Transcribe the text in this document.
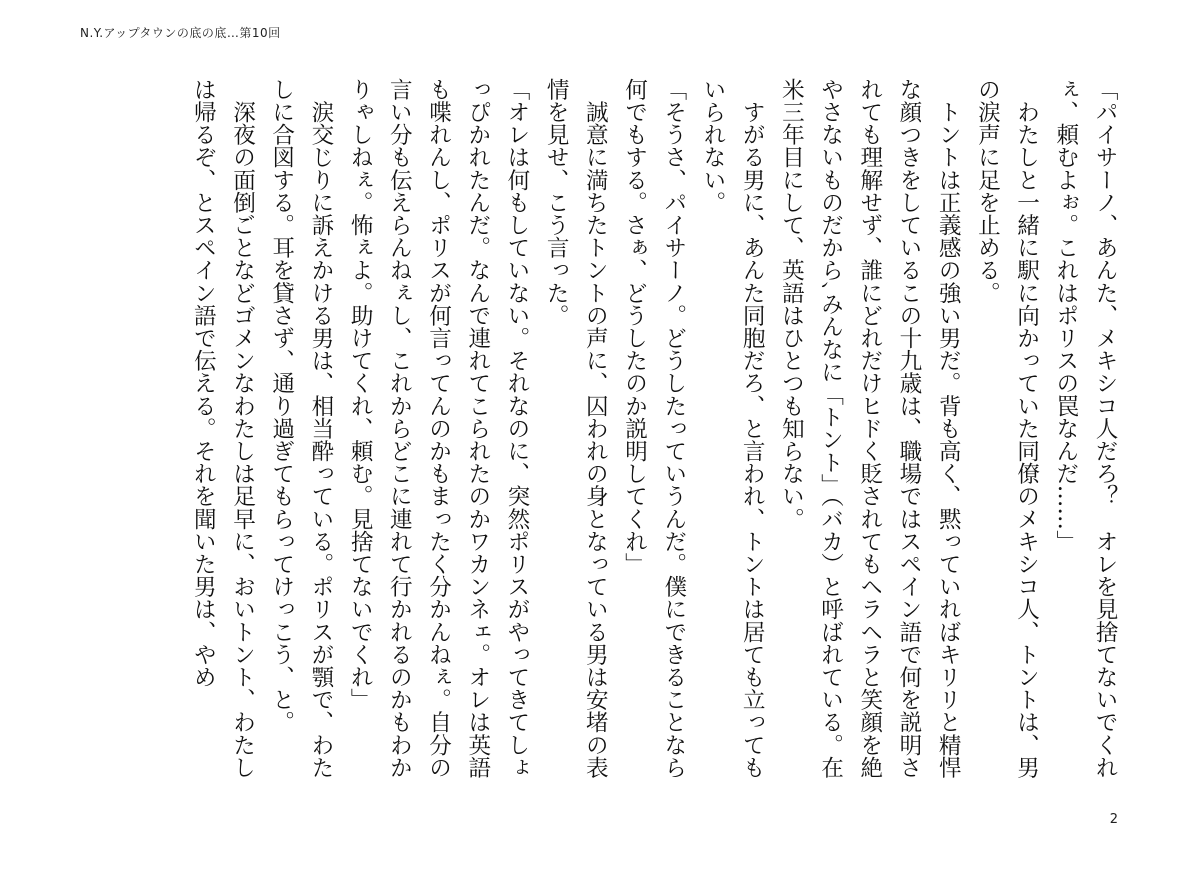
N.Y.アップタウンの底の底…第10回

「パイサーノ、あんた、メキシコ人だろ？　オレを見捨てないでくれぇ、頼むよぉ。これはポリスの罠なんだ……」

　わたしと一緒に駅に向かっていた同僚のメキシコ人、トントは、男の涙声に足を止める。

　トントは正義感の強い男だ。背も高く、黙っていればキリリと精悍な顔つきをしているこの十九歳は、職場ではスペイン語で何を説明されても理解せず、誰にどれだけヒドく貶されてもヘラヘラと笑顔を絶やさないものだから､みんなに「トント」（バカ）と呼ばれている。在米三年目にして、英語はひとつも知らない。

　すがる男に、あんた同胞だろ、と言われ、トントは居ても立ってもいられない。

「そうさ、パイサーノ。どうしたっていうんだ。僕にできることなら何でもする。さぁ、どうしたのか説明してくれ」

　誠意に満ちたトントの声に、囚われの身となっている男は安堵の表情を見せ、こう言った。

「オレは何もしていない。それなのに、突然ポリスがやってきてしょっぴかれたんだ。なんで連れてこられたのかワカンネェ。オレは英語も喋れんし、ポリスが何言ってんのかもまったく分かんねぇ。自分の言い分も伝えらんねぇし、これからどこに連れて行かれるのかもわかりゃしねぇ。怖ぇよ。助けてくれ、頼む。見捨てないでくれ」

　涙交じりに訴えかける男は、相当酔っている。ポリスが顎で、わたしに合図する。耳を貸さず、通り過ぎてもらってけっこう、と。

　深夜の面倒ごとなどゴメンなわたしは足早に、おいトント、わたしは帰るぞ、とスペイン語で伝える。それを聞いた男は、やめ

2
